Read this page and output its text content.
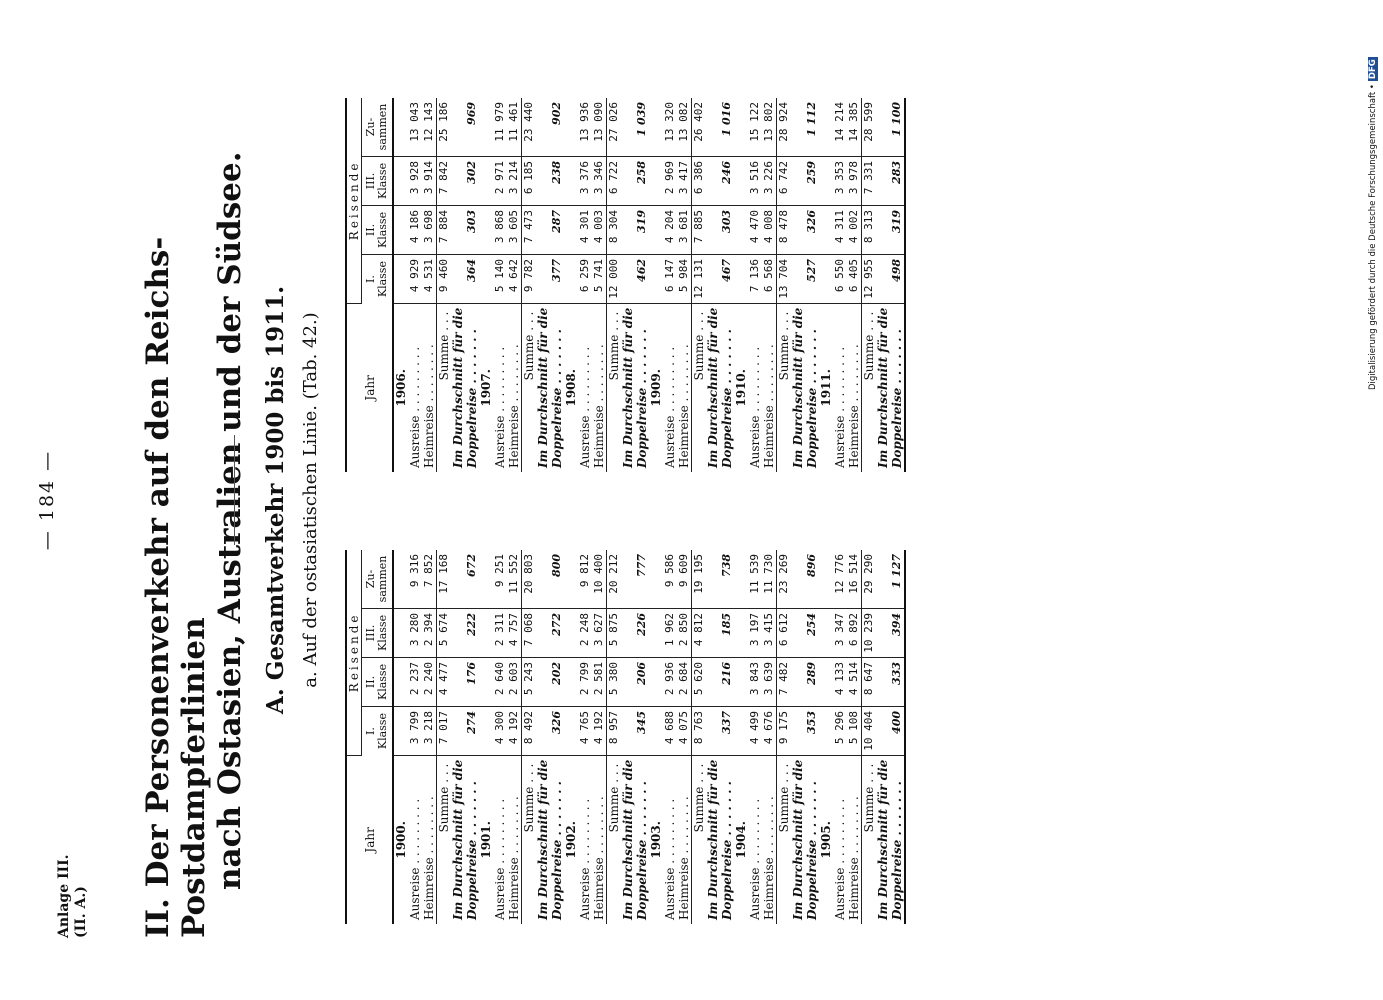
— 184 —
Anlage III. (II. A.) II. Der Personenverkehr auf den Reichs-Postdampferlinien nach Ostasien, Australien und der Südsee. A. Gesamtverkehr 1900 bis 1911. a. Auf der ostasiatischen Linie. (Tab. 42.)
Jahr	Reisende			
	I. Klasse	II. Klasse	III. Klasse	Zu- sammen
1900.				
Ausreise . . . . . . . . .	3 799	2 237	3 280	9 316
Heimreise . . . . . . . .	3 218	2 240	2 394	7 852
Summe . . .	7 017	4 477	5 674	17 168
Im Durchschnitt für die				
Doppelreise . . . . . . .	274	176	222	672
1901.				
Ausreise . . . . . . . . .	4 300	2 640	2 311	9 251
Heimreise . . . . . . . .	4 192	2 603	4 757	11 552
Summe . . .	8 492	5 243	7 068	20 803
Im Durchschnitt für die				
Doppelreise . . . . . . .	326	202	272	800
1902.				
Ausreise . . . . . . . . .	4 765	2 799	2 248	9 812
Heimreise . . . . . . . .	4 192	2 581	3 627	10 400
Summe . . .	8 957	5 380	5 875	20 212
Im Durchschnitt für die				
Doppelreise . . . . . . .	345	206	226	777
1903.				
Ausreise . . . . . . . . .	4 688	2 936	1 962	9 586
Heimreise . . . . . . . .	4 075	2 684	2 850	9 609
Summe . . .	8 763	5 620	4 812	19 195
Im Durchschnitt für die				
Doppelreise . . . . . . .	337	216	185	738
1904.				
Ausreise . . . . . . . . .	4 499	3 843	3 197	11 539
Heimreise . . . . . . . .	4 676	3 639	3 415	11 730
Summe . . .	9 175	7 482	6 612	23 269
Im Durchschnitt für die				
Doppelreise . . . . . . .	353	289	254	896
1905.				
Ausreise . . . . . . . . .	5 296	4 133	3 347	12 776
Heimreise . . . . . . . .	5 108	4 514	6 892	16 514
Summe . . .	10 404	8 647	10 239	29 290
Im Durchschnitt für die				
Doppelreise . . . . . . .	400	333	394	1 127
Jahr	Reisende			
	I. Klasse	II. Klasse	III. Klasse	Zu- sammen
1906.				
Ausreise . . . . . . . . .	4 929	4 186	3 928	13 043
Heimreise . . . . . . . .	4 531	3 698	3 914	12 143
Summe . . .	9 460	7 884	7 842	25 186
Im Durchschnitt für die				
Doppelreise . . . . . . .	364	303	302	969
1907.				
Ausreise . . . . . . . . .	5 140	3 868	2 971	11 979
Heimreise . . . . . . . .	4 642	3 605	3 214	11 461
Summe . . .	9 782	7 473	6 185	23 440
Im Durchschnitt für die				
Doppelreise . . . . . . .	377	287	238	902
1908.				
Ausreise . . . . . . . . .	6 259	4 301	3 376	13 936
Heimreise . . . . . . . .	5 741	4 003	3 346	13 090
Summe . . .	12 000	8 304	6 722	27 026
Im Durchschnitt für die				
Doppelreise . . . . . . .	462	319	258	1 039
1909.				
Ausreise . . . . . . . . .	6 147	4 204	2 969	13 320
Heimreise . . . . . . . .	5 984	3 681	3 417	13 082
Summe . . .	12 131	7 885	6 386	26 402
Im Durchschnitt für die				
Doppelreise . . . . . . .	467	303	246	1 016
1910.				
Ausreise . . . . . . . . .	7 136	4 470	3 516	15 122
Heimreise . . . . . . . .	6 568	4 008	3 226	13 802
Summe . . .	13 704	8 478	6 742	28 924
Im Durchschnitt für die				
Doppelreise . . . . . . .	527	326	259	1 112
1911.				
Ausreise . . . . . . . . .	6 550	4 311	3 353	14 214
Heimreise . . . . . . . .	6 405	4 002	3 978	14 385
Summe . . .	12 955	8 313	7 331	28 599
Im Durchschnitt für die				
Doppelreise . . . . . . .	498	319	283	1 100	Digitalisierung gefördert durch die Deutsche Forschungsgemeinschaft •DFG
